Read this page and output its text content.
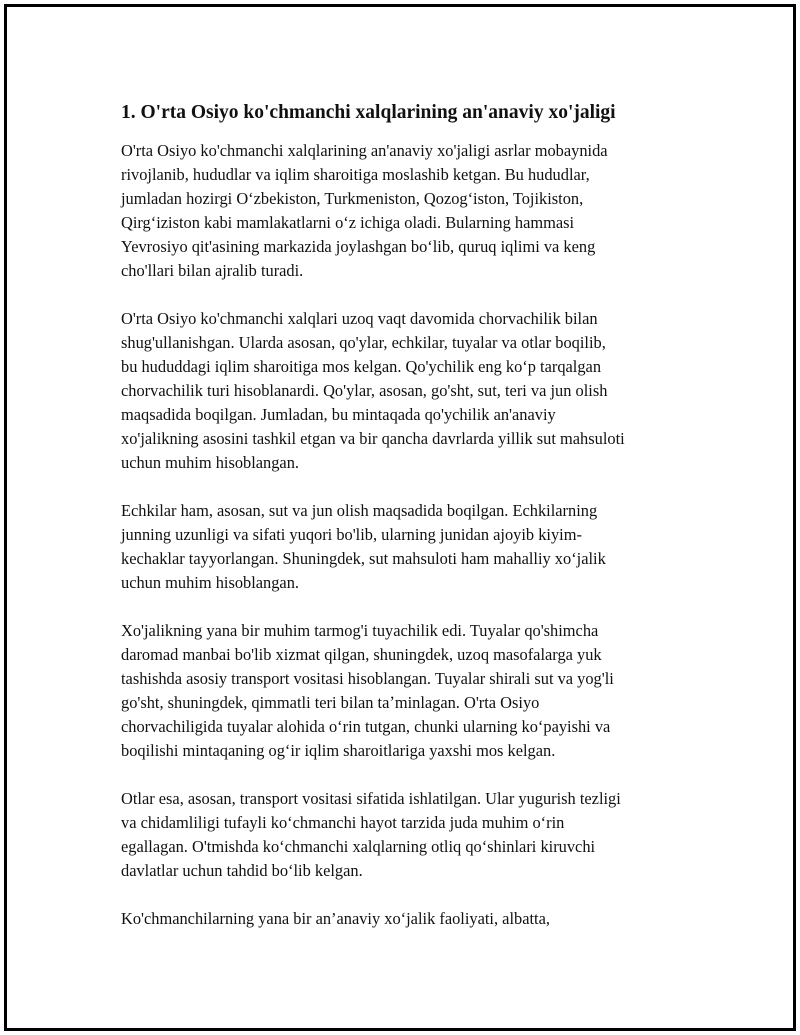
1. O'rta Osiyo ko'chmanchi xalqlarining an'anaviy xo'jaligi

O'rta Osiyo ko'chmanchi xalqlarining an'anaviy xo'jaligi asrlar mobaynida
rivojlanib, hududlar va iqlim sharoitiga moslashib ketgan. Bu hududlar,
jumladan hozirgi O‘zbekiston, Turkmeniston, Qozog‘iston, Tojikiston,
Qirg‘iziston kabi mamlakatlarni o‘z ichiga oladi. Bularning hammasi
Yevrosiyo qit'asining markazida joylashgan bo‘lib, quruq iqlimi va keng
cho'llari bilan ajralib turadi.

O'rta Osiyo ko'chmanchi xalqlari uzoq vaqt davomida chorvachilik bilan
shug'ullanishgan. Ularda asosan, qo'ylar, echkilar, tuyalar va otlar boqilib,
bu hududdagi iqlim sharoitiga mos kelgan. Qo'ychilik eng ko‘p tarqalgan
chorvachilik turi hisoblanardi. Qo'ylar, asosan, go'sht, sut, teri va jun olish
maqsadida boqilgan. Jumladan, bu mintaqada qo'ychilik an'anaviy
xo'jalikning asosini tashkil etgan va bir qancha davrlarda yillik sut mahsuloti
uchun muhim hisoblangan.

Echkilar ham, asosan, sut va jun olish maqsadida boqilgan. Echkilarning
junning uzunligi va sifati yuqori bo'lib, ularning junidan ajoyib kiyim-
kechaklar tayyorlangan. Shuningdek, sut mahsuloti ham mahalliy xo‘jalik
uchun muhim hisoblangan.

Xo'jalikning yana bir muhim tarmog'i tuyachilik edi. Tuyalar qo'shimcha
daromad manbai bo'lib xizmat qilgan, shuningdek, uzoq masofalarga yuk
tashishda asosiy transport vositasi hisoblangan. Tuyalar shirali sut va yog'li
go'sht, shuningdek, qimmatli teri bilan taʼminlagan. O'rta Osiyo
chorvachiligida tuyalar alohida o‘rin tutgan, chunki ularning ko‘payishi va
boqilishi mintaqaning og‘ir iqlim sharoitlariga yaxshi mos kelgan.

Otlar esa, asosan, transport vositasi sifatida ishlatilgan. Ular yugurish tezligi
va chidamliligi tufayli ko‘chmanchi hayot tarzida juda muhim o‘rin
egallagan. O'tmishda ko‘chmanchi xalqlarning otliq qo‘shinlari kiruvchi
davlatlar uchun tahdid bo‘lib kelgan.

Ko'chmanchilarning yana bir an’anaviy xo‘jalik faoliyati, albatta,
